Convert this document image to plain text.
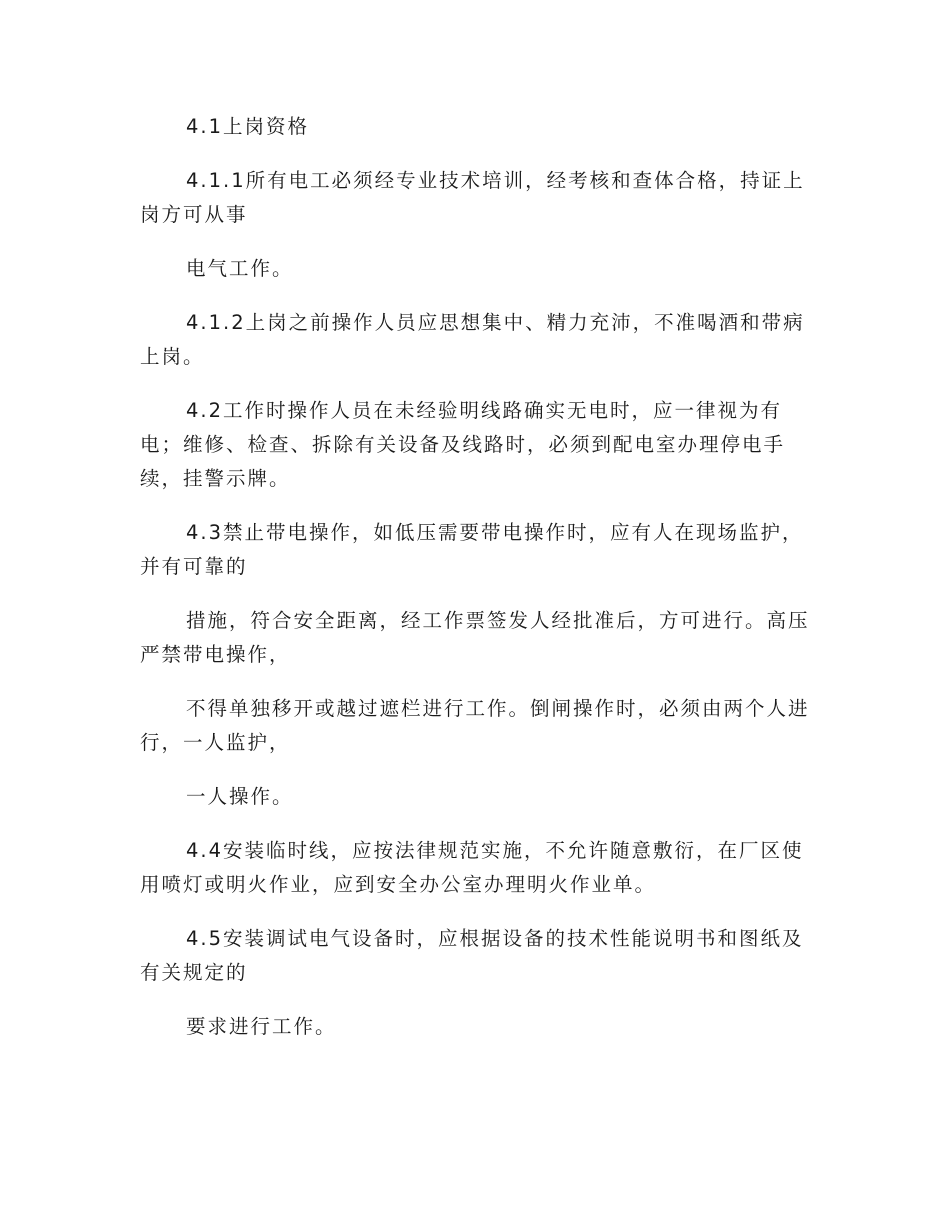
4.1上岗资格

4.1.1所有电工必须经专业技术培训，经考核和查体合格，持证上岗方可从事

电气工作。

4.1.2上岗之前操作人员应思想集中、精力充沛，不准喝酒和带病上岗。

4.2工作时操作人员在未经验明线路确实无电时，应一律视为有电；维修、检查、拆除有关设备及线路时，必须到配电室办理停电手续，挂警示牌。

4.3禁止带电操作，如低压需要带电操作时，应有人在现场监护，并有可靠的

措施，符合安全距离，经工作票签发人经批准后，方可进行。高压严禁带电操作，

不得单独移开或越过遮栏进行工作。倒闸操作时，必须由两个人进行，一人监护，

一人操作。

4.4安装临时线，应按法律规范实施，不允许随意敷衍，在厂区使用喷灯或明火作业，应到安全办公室办理明火作业单。

4.5安装调试电气设备时，应根据设备的技术性能说明书和图纸及有关规定的

要求进行工作。
